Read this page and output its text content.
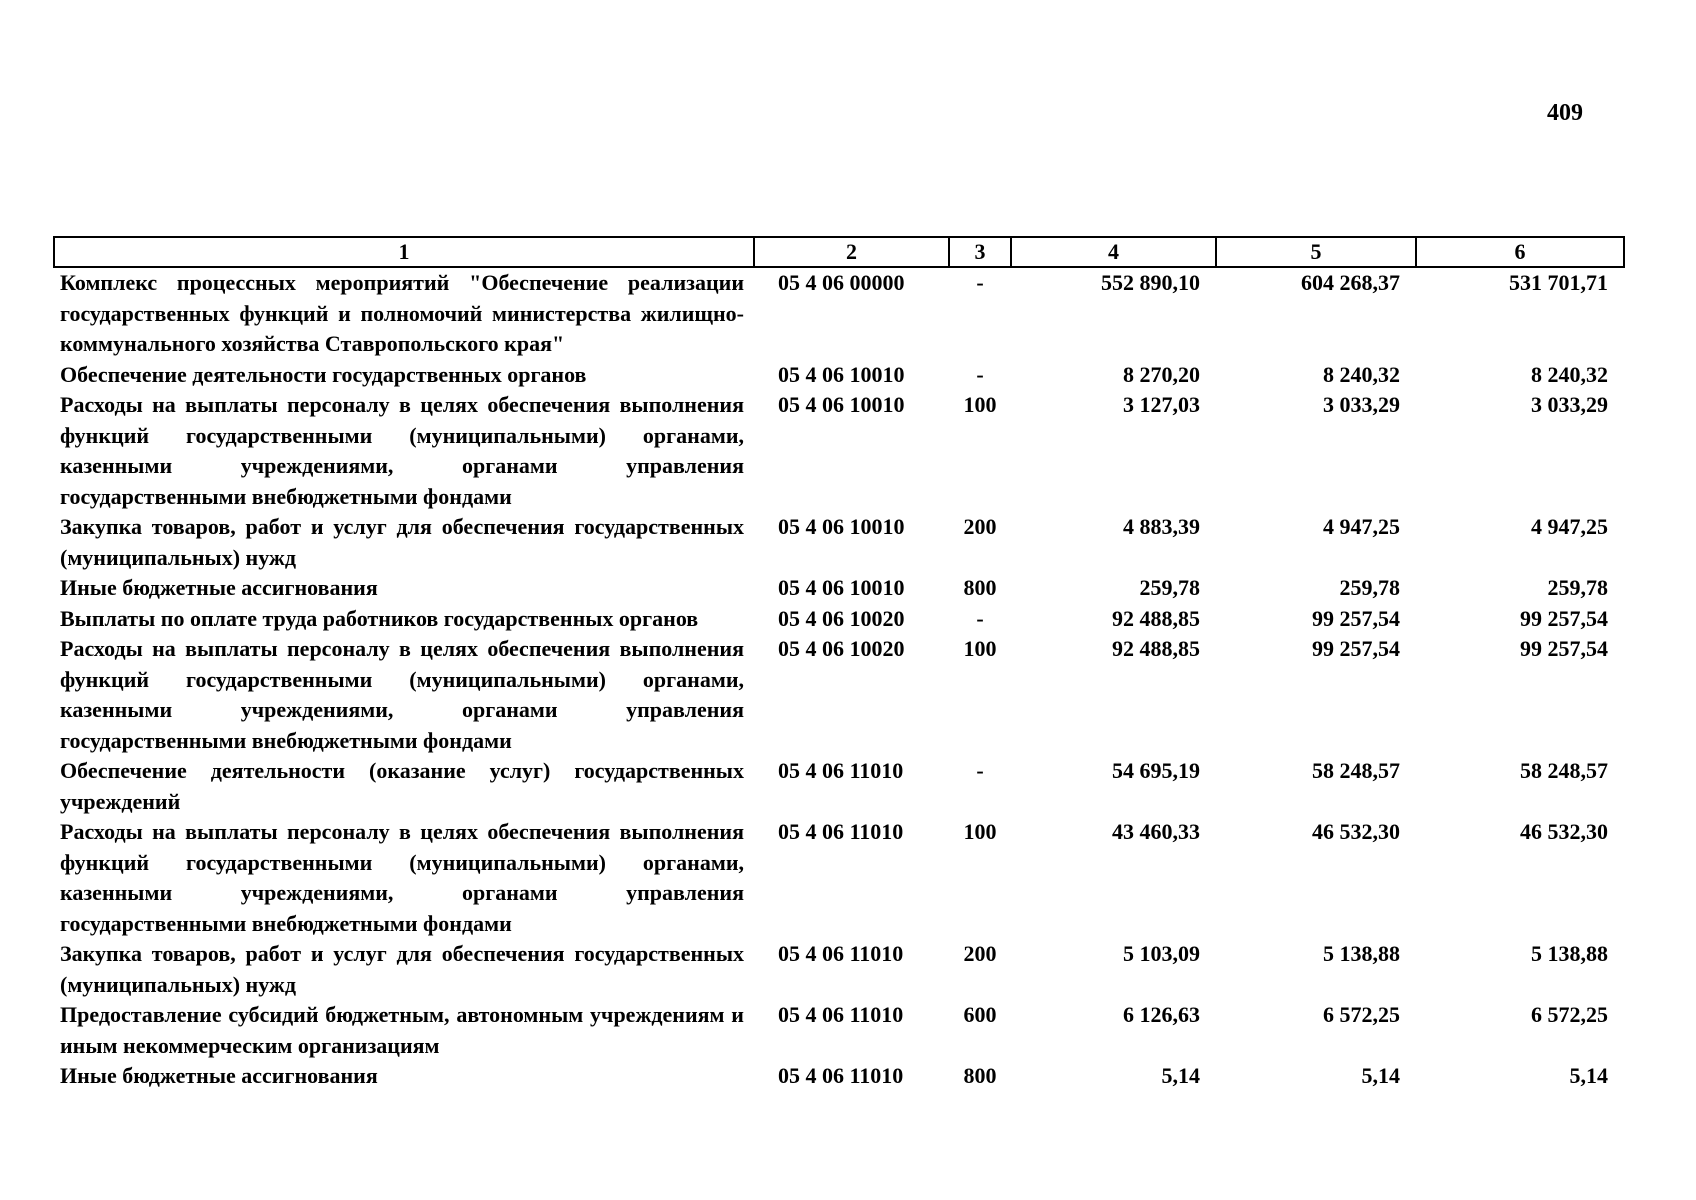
409
1	2	3	4	5	6
Комплекс процессных мероприятий "Обеспечение реализации государственных функций и полномочий министерства жилищно-коммунального хозяйства Ставропольского края"	05 4 06 00000	-	552 890,10	604 268,37	531 701,71
Обеспечение деятельности государственных органов	05 4 06 10010	-	8 270,20	8 240,32	8 240,32
Расходы на выплаты персоналу в целях обеспечения выполнения функций государственными (муниципальными) органами, казенными учреждениями, органами управления государственными внебюджетными фондами	05 4 06 10010	100	3 127,03	3 033,29	3 033,29
Закупка товаров, работ и услуг для обеспечения государственных (муниципальных) нужд	05 4 06 10010	200	4 883,39	4 947,25	4 947,25
Иные бюджетные ассигнования	05 4 06 10010	800	259,78	259,78	259,78
Выплаты по оплате труда работников государственных органов	05 4 06 10020	-	92 488,85	99 257,54	99 257,54
Расходы на выплаты персоналу в целях обеспечения выполнения функций государственными (муниципальными) органами, казенными учреждениями, органами управления государственными внебюджетными фондами	05 4 06 10020	100	92 488,85	99 257,54	99 257,54
Обеспечение деятельности (оказание услуг) государственных учреждений	05 4 06 11010	-	54 695,19	58 248,57	58 248,57
Расходы на выплаты персоналу в целях обеспечения выполнения функций государственными (муниципальными) органами, казенными учреждениями, органами управления государственными внебюджетными фондами	05 4 06 11010	100	43 460,33	46 532,30	46 532,30
Закупка товаров, работ и услуг для обеспечения государственных (муниципальных) нужд	05 4 06 11010	200	5 103,09	5 138,88	5 138,88
Предоставление субсидий бюджетным, автономным учреждениям и иным некоммерческим организациям	05 4 06 11010	600	6 126,63	6 572,25	6 572,25
Иные бюджетные ассигнования	05 4 06 11010	800	5,14	5,14	5,14
